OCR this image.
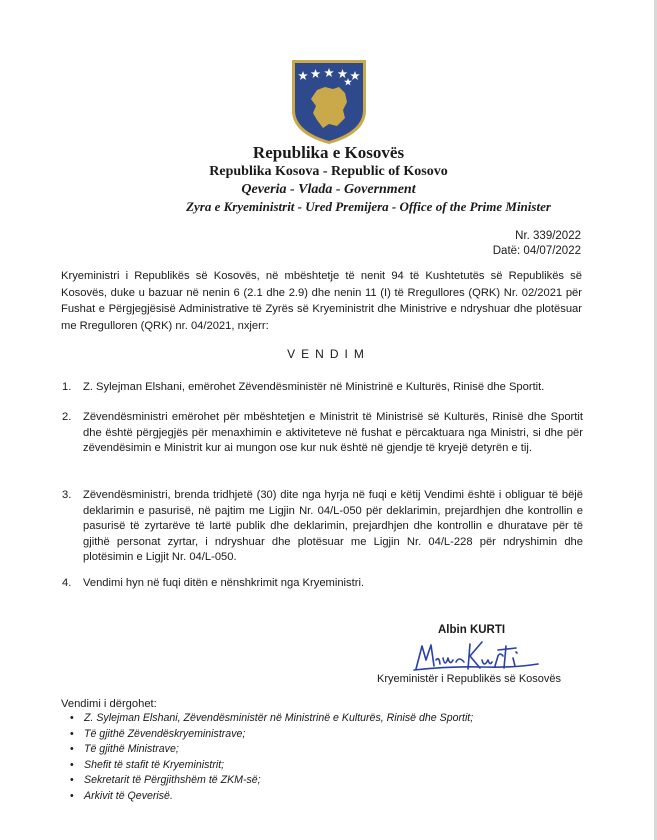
Republika e Kosovës
Republika Kosova - Republic of Kosovo
Qeveria - Vlada - Government
Zyra e Kryeministrit - Ured Premijera - Office of the Prime Minister
Nr. 339/2022
Datë: 04/07/2022
Kryeministri i Republikës së Kosovës, në mbështetje të nenit 94 të Kushtetutës së Republikës së Kosovës, duke u bazuar në nenin 6 (2.1 dhe 2.9) dhe nenin 11 (I) të Rregullores (QRK) Nr. 02/2021 për Fushat e Përgjegjësisë Administrative të Zyrës së Kryeministrit dhe Ministrive e ndryshuar dhe plotësuar me Rregulloren (QRK) nr. 04/2021, nxjerr:
VENDIM
1. Z. Sylejman Elshani, emërohet Zëvendësministër në Ministrinë e Kulturës, Rinisë dhe Sportit.
2. Zëvendësministri emërohet për mbështetjen e Ministrit të Ministrisë së Kulturës, Rinisë dhe Sportit dhe është përgjegjës për menaxhimin e aktiviteteve në fushat e përcaktuara nga Ministri, si dhe për zëvendësimin e Ministrit kur ai mungon ose kur nuk është në gjendje të kryejë detyrën e tij.
3. Zëvendësministri, brenda tridhjetë (30) dite nga hyrja në fuqi e këtij Vendimi është i obliguar të bëjë deklarimin e pasurisë, në pajtim me Ligjin Nr. 04/L-050 për deklarimin, prejardhjen dhe kontrollin e pasurisë të zyrtarëve të lartë publik dhe deklarimin, prejardhjen dhe kontrollin e dhuratave për të gjithë personat zyrtar, i ndryshuar dhe plotësuar me Ligjin Nr. 04/L-228 për ndryshimin dhe plotësimin e Ligjit Nr. 04/L-050.
4. Vendimi hyn në fuqi ditën e nënshkrimit nga Kryeministri.
Albin KURTI
Kryeministër i Republikës së Kosovës
Vendimi i dërgohet:
• Z. Sylejman Elshani, Zëvendësministër në Ministrinë e Kulturës, Rinisë dhe Sportit;
• Të gjithë Zëvendëskryeministrave;
• Të gjithë Ministrave;
• Shefit të stafit të Kryeministrit;
• Sekretarit të Përgjithshëm të ZKM-së;
• Arkivit të Qeverisë.
